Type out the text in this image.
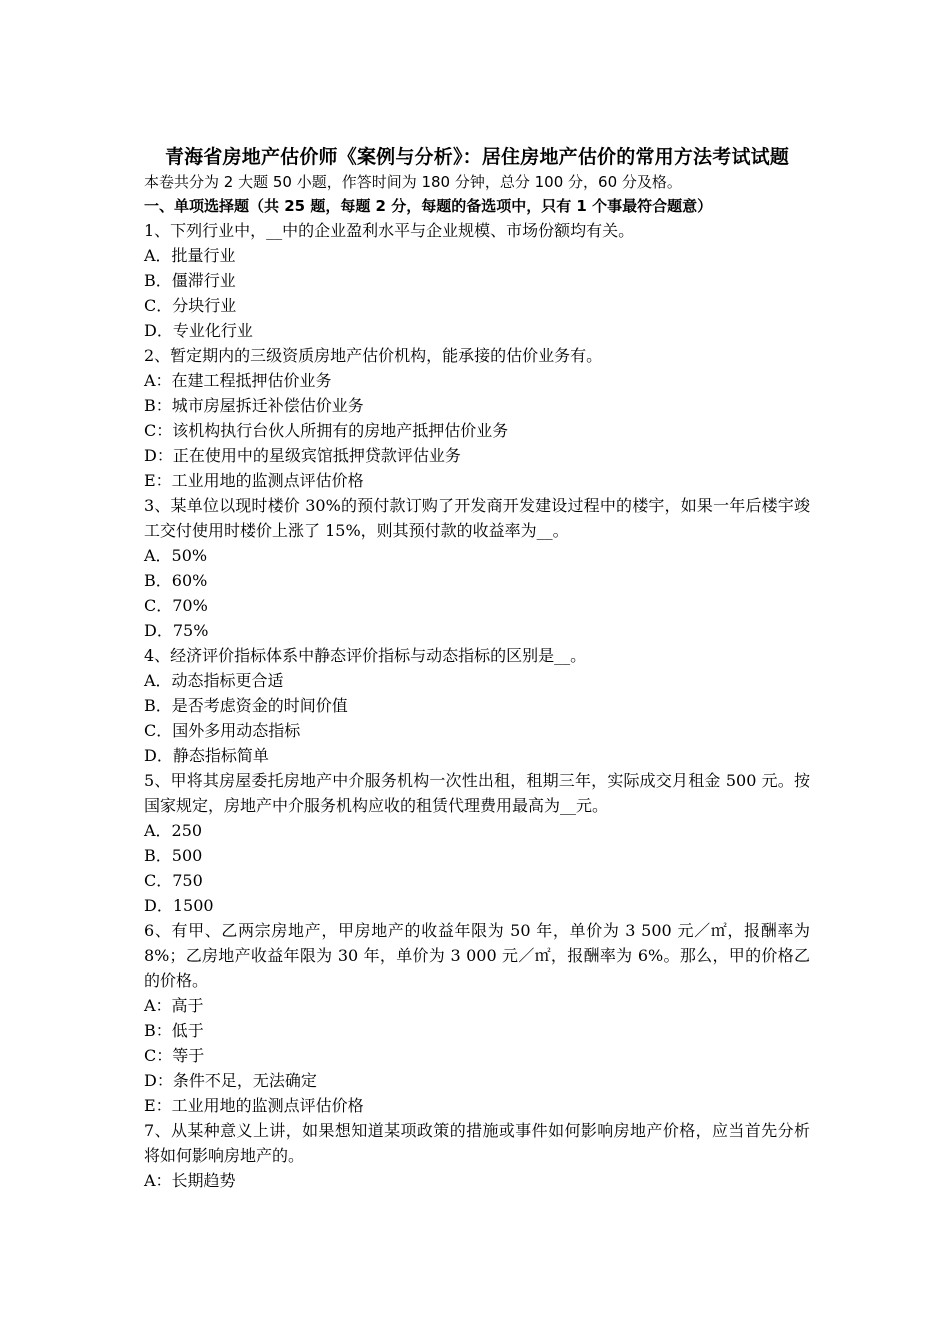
青海省房地产估价师《案例与分析》：居住房地产估价的常用方法考试试题

本卷共分为 2 大题 50 小题，作答时间为 180 分钟，总分 100 分，60 分及格。

一、单项选择题（共 25 题，每题 2 分，每题的备选项中，只有 1 个事最符合题意）

1、下列行业中，__中的企业盈利水平与企业规模、市场份额均有关。

A．批量行业

B．僵滞行业

C．分块行业

D．专业化行业

2、暂定期内的三级资质房地产估价机构，能承接的估价业务有。

A：在建工程抵押估价业务

B：城市房屋拆迁补偿估价业务

C：该机构执行台伙人所拥有的房地产抵押估价业务

D：正在使用中的星级宾馆抵押贷款评估业务

E：工业用地的监测点评估价格

3、某单位以现时楼价 30%的预付款订购了开发商开发建设过程中的楼宇，如果一年后楼宇竣工交付使用时楼价上涨了 15%，则其预付款的收益率为__。

A．50%

B．60%

C．70%

D．75%

4、经济评价指标体系中静态评价指标与动态指标的区别是__。

A．动态指标更合适

B．是否考虑资金的时间价值

C．国外多用动态指标

D．静态指标简单

5、甲将其房屋委托房地产中介服务机构一次性出租，租期三年，实际成交月租金 500 元。按国家规定，房地产中介服务机构应收的租赁代理费用最高为__元。

A．250

B．500

C．750

D．1500

6、有甲、乙两宗房地产，甲房地产的收益年限为 50 年，单价为 3 500 元／㎡，报酬率为 8%；乙房地产收益年限为 30 年，单价为 3 000 元／㎡，报酬率为 6%。那么，甲的价格乙的价格。

A：高于

B：低于

C：等于

D：条件不足，无法确定

E：工业用地的监测点评估价格

7、从某种意义上讲，如果想知道某项政策的措施或事件如何影响房地产价格，应当首先分析将如何影响房地产的。

A：长期趋势
